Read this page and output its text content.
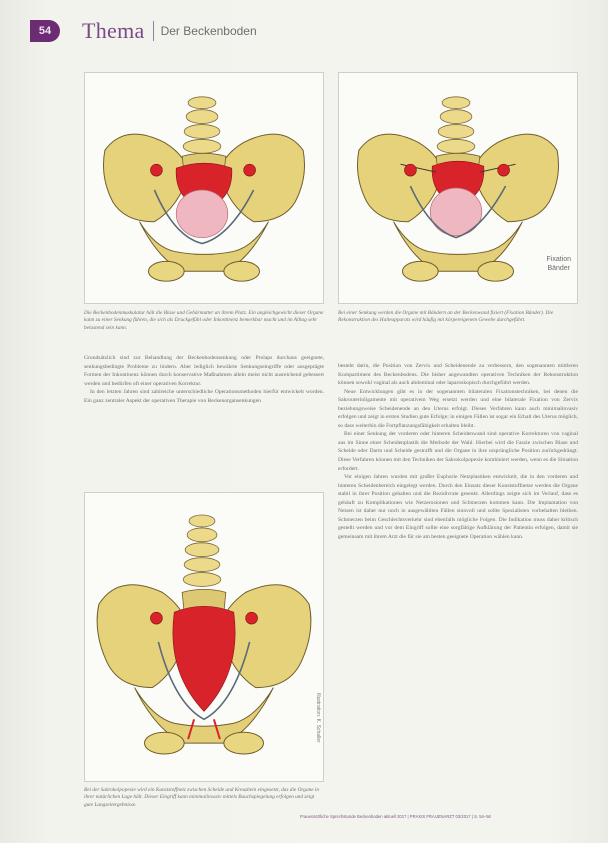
54	Thema Der Beckenboden
Fixation
Bänder
Die Beckenbodenmuskulatur hält die Blase und Gebärmutter an ihrem Platz. Ein ungleichgewicht dieser Organe kann zu einer Senkung führen, die sich als Druckgefühl oder Inkontinenz bemerkbar macht und im Alltag sehr belastend sein kann.
Bei einer Senkung werden die Organe mit Bändern an der Beckenwand fixiert (Fixation Bänder). Die Rekonstruktion des Halteapparats wird häufig mit körpereigenem Gewebe durchgeführt.

Grundsätzlich sind zur Behandlung der Beckenbodensenkung oder Prolaps durchaus geeignete, senkungsbedingte Probleme zu lindern. Aber lediglich bewährte Senkungseingriffe oder ausgeprägte Formen der Inkontinenz können durch konservative Maßnahmen allein meist nicht ausreichend gebessert werden und bedürfen oft einer operativen Korrektur.

In den letzten Jahren sind zahlreiche unterschiedliche Operationsmethoden hierfür entwickelt worden. Ein ganz zentraler Aspekt der operativen Therapie von Beckenorgansenkungen

Illustration: K. Schaller
Bei der Sakrokolpopexie wird ein Kunststoffnetz zwischen Scheide und Kreuzbein eingesetzt, das die Organe in ihrer natürlichen Lage hält. Dieser Eingriff kann minimalinvasiv mittels Bauchspiegelung erfolgen und zeigt gute Langzeitergebnisse.

besteht darin, die Position von Zervix und Scheidenende zu verbessern, den sogenannten mittleren Kompartiment des Beckenbodens. Die bisher angewandten operativen Techniken der Rekonstruktion können sowohl vaginal als auch abdominal oder laparoskopisch durchgeführt werden.

Neue Entwicklungen gibt es in der sogenannten bilateralen Fixationstechniken, bei denen die Sakrouterinligamente mit operativem Weg ersetzt werden und eine bilaterale Fixation von Zervix beziehungsweise Scheidenende an den Uterus erfolgt. Dieses Verfahren kann auch minimalinvasiv erfolgen und zeigt in ersten Studien gute Erfolge; in einigen Fällen ist sogar ein Erhalt des Uterus möglich, so dass weiterhin die Fortpflanzungsfähigkeit erhalten bleibt.

Bei einer Senkung der vorderen oder hinteren Scheidenwand sind operative Korrekturen von vaginal aus im Sinne einer Scheidenplastik die Methode der Wahl. Hierbei wird die Faszie zwischen Blase und Scheide oder Darm und Scheide gestrafft und die Organe in ihre ursprüngliche Position zurückgedrängt. Diese Verfahren können mit den Techniken der Sakrokolpopexie kombiniert werden, wenn es die Situation erfordert.

Vor einigen Jahren wurden mit großer Euphorie Netzplastiken entwickelt, die in den vorderen und hinteren Scheidenbereich eingelegt werden. Durch den Einsatz dieser Kunststoffnetze werden die Organe stabil in ihrer Position gehalten und die Rezidivrate gesenkt. Allerdings zeigte sich im Verlauf, dass es gehäuft zu Komplikationen wie Netzerosionen und Schmerzen kommen kann. Die Implantation von Netzen ist daher nur noch in ausgewählten Fällen sinnvoll und sollte Spezialisten vorbehalten bleiben. Schmerzen beim Geschlechtsverkehr sind ebenfalls mögliche Folgen. Die Indikation muss daher kritisch gestellt werden und vor dem Eingriff sollte eine sorgfältige Aufklärung der Patientin erfolgen, damit sie gemeinsam mit ihrem Arzt die für sie am besten geeignete Operation wählen kann.

Frauenärztliche Sprechstunde Beckenboden aktuell 2017 | PRAXIS FRAUENARZT 03/2017 | S. 54–56
